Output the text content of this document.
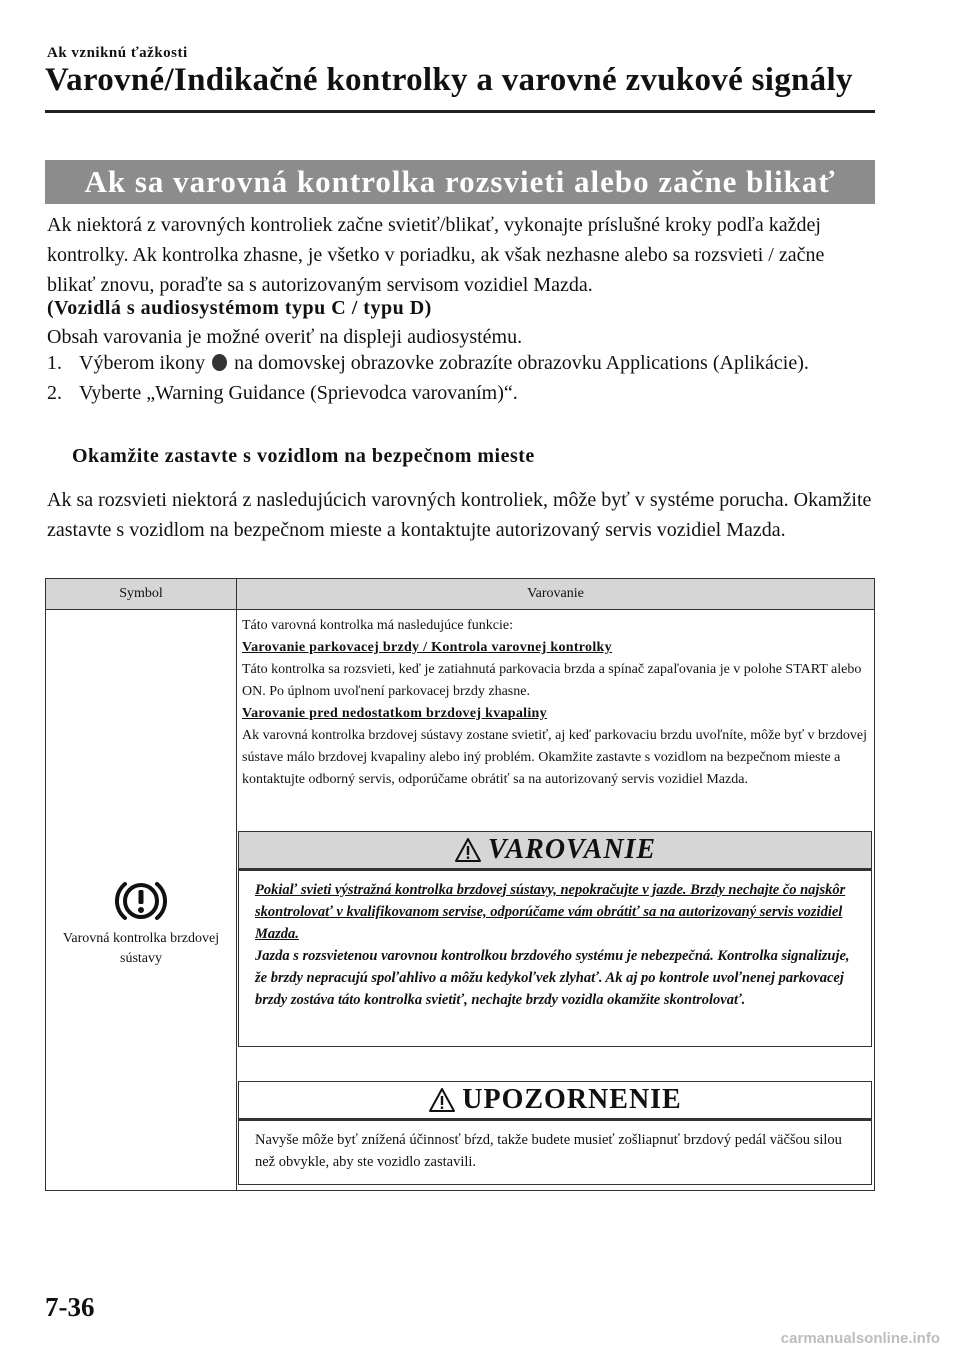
Ak vzniknú ťažkosti
Varovné/Indikačné kontrolky a varovné zvukové signály
Ak sa varovná kontrolka rozsvieti alebo začne blikať
Ak niektorá z varovných kontroliek začne svietiť/blikať, vykonajte príslušné kroky podľa každej kontrolky. Ak kontrolka zhasne, je všetko v poriadku, ak však nezhasne alebo sa rozsvieti / začne blikať znovu, poraďte sa s autorizovaným servisom vozidiel Mazda.
(Vozidlá s audiosystémom typu C / typu D)
Obsah varovania je možné overiť na displeji audiosystému.
1. Výberom ikony na domovskej obrazovke zobrazíte obrazovku Applications (Aplikácie).
2. Vyberte „Warning Guidance (Sprievodca varovaním)“.
Okamžite zastavte s vozidlom na bezpečnom mieste
Ak sa rozsvieti niektorá z nasledujúcich varovných kontroliek, môže byť v systéme porucha. Okamžite zastavte s vozidlom na bezpečnom mieste a kontaktujte autorizovaný servis vozidiel Mazda.
Symbol	Varovanie
Varovná kontrolka brzdovej sústavy

Táto varovná kontrolka má nasledujúce funkcie:

Varovanie parkovacej brzdy / Kontrola varovnej kontrolky

Táto kontrolka sa rozsvieti, keď je zatiahnutá parkovacia brzda a spínač zapaľovania je v polohe START alebo ON. Po úplnom uvoľnení parkovacej brzdy zhasne.

Varovanie pred nedostatkom brzdovej kvapaliny

Ak varovná kontrolka brzdovej sústavy zostane svietiť, aj keď parkovaciu brzdu uvoľníte, môže byť v brzdovej sústave málo brzdovej kvapaliny alebo iný problém. Okamžite zastavte s vozidlom na bezpečnom mieste a kontaktujte odborný servis, odporúčame obrátiť sa na autorizovaný servis vozidiel Mazda.

VAROVANIE
Pokiaľ svieti výstražná kontrolka brzdovej sústavy, nepokračujte v jazde. Brzdy nechajte čo najskôr skontrolovať v kvalifikovanom servise, odporúčame vám obrátiť sa na autorizovaný servis vozidiel Mazda.
Jazda s rozsvietenou varovnou kontrolkou brzdového systému je nebezpečná. Kontrolka signalizuje, že brzdy nepracujú spoľahlivo a môžu kedykoľvek zlyhať. Ak aj po kontrole uvoľnenej parkovacej brzdy zostáva táto kontrolka svietiť, nechajte brzdy vozidla okamžite skontrolovať.
UPOZORNENIE
Navyše môže byť znížená účinnosť bŕzd, takže budete musieť zošliapnuť brzdový pedál väčšou silou než obvykle, aby ste vozidlo zastavili.
7-36
carmanualsonline.info
